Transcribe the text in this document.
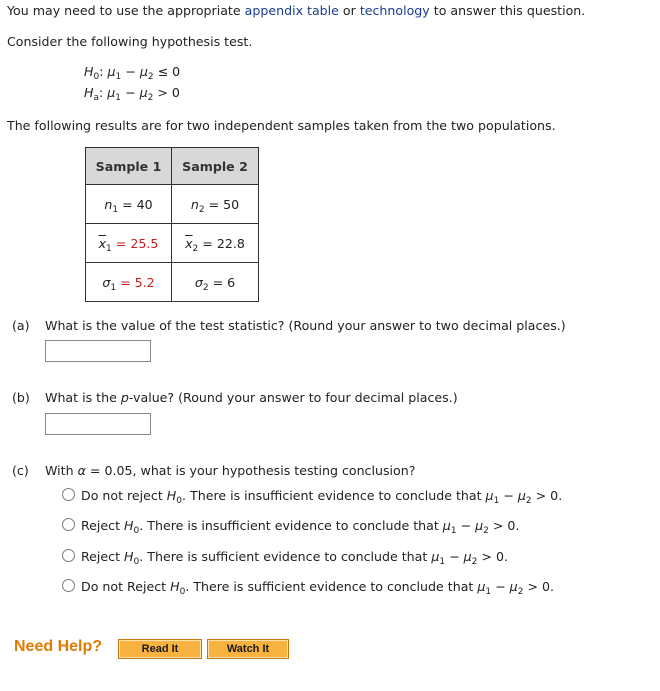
You may need to use the appropriate appendix table or technology to answer this question.
Consider the following hypothesis test.
$H_0$: $\mu_1 - \mu_2 \le 0$
$H_a$: $\mu_1 - \mu_2 > 0$
The following results are for two independent samples taken from the two populations.
Sample 1	Sample 2
$n_1 = 40$	$n_2 = 50$
$\overline{x}_1 = 25.5$	$\overline{x}_2 = 22.8$
$\sigma_1 = 5.2$	$\sigma_2 = 6$
(a) What is the value of the test statistic? (Round your answer to two decimal places.)
(b) What is the p-value? (Round your answer to four decimal places.)
(c) With α = 0.05, what is your hypothesis testing conclusion?
Do not reject $H_0$. There is insufficient evidence to conclude that $\mu_1 - \mu_2 > 0$.
Reject $H_0$. There is insufficient evidence to conclude that $\mu_1 - \mu_2 > 0$.
Reject $H_0$. There is sufficient evidence to conclude that $\mu_1 - \mu_2 > 0$.
Do not Reject $H_0$. There is sufficient evidence to conclude that $\mu_1 - \mu_2 > 0$.
Need Help?	Read It	Watch It
